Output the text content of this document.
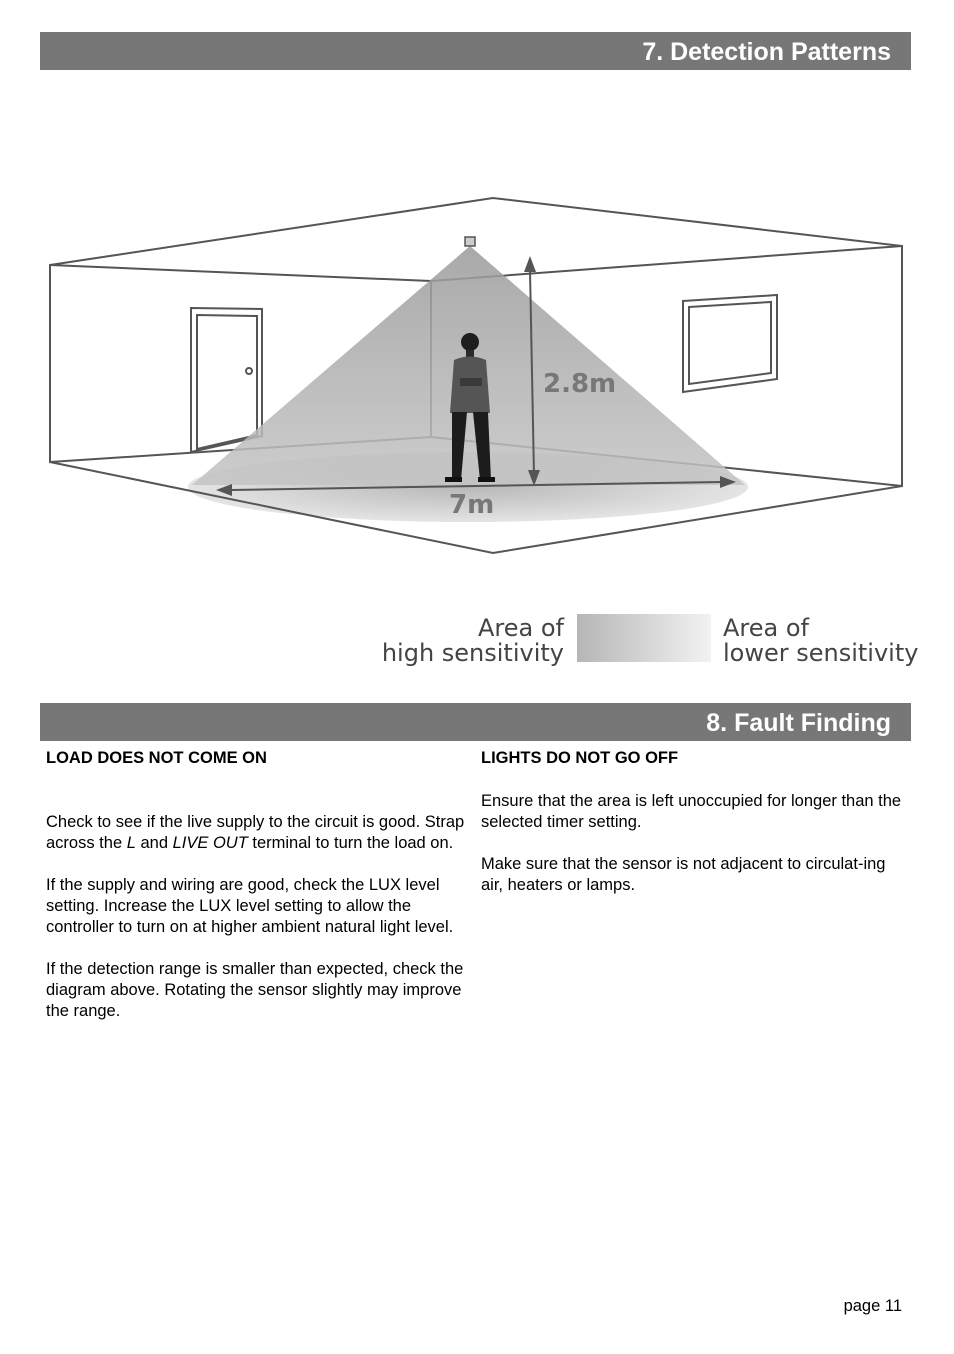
7. Detection Patterns
2.8m
7m
Area of
high sensitivity
Area of
lower sensitivity
8. Fault Finding
LOAD DOES NOT COME ON

Check to see if the live supply to the circuit is good. Strap across the L and LIVE OUT terminal to turn the load on.

If the supply and wiring are good, check the LUX level setting. Increase the LUX level setting to allow the controller to turn on at higher ambient natural light level.

If the detection range is smaller than expected, check the diagram above. Rotating the sensor slightly may improve the range.

LIGHTS DO NOT GO OFF

Ensure that the area is left unoccupied for longer than the selected timer setting.

Make sure that the sensor is not adjacent to circulat-ing air, heaters or lamps.

page 11
